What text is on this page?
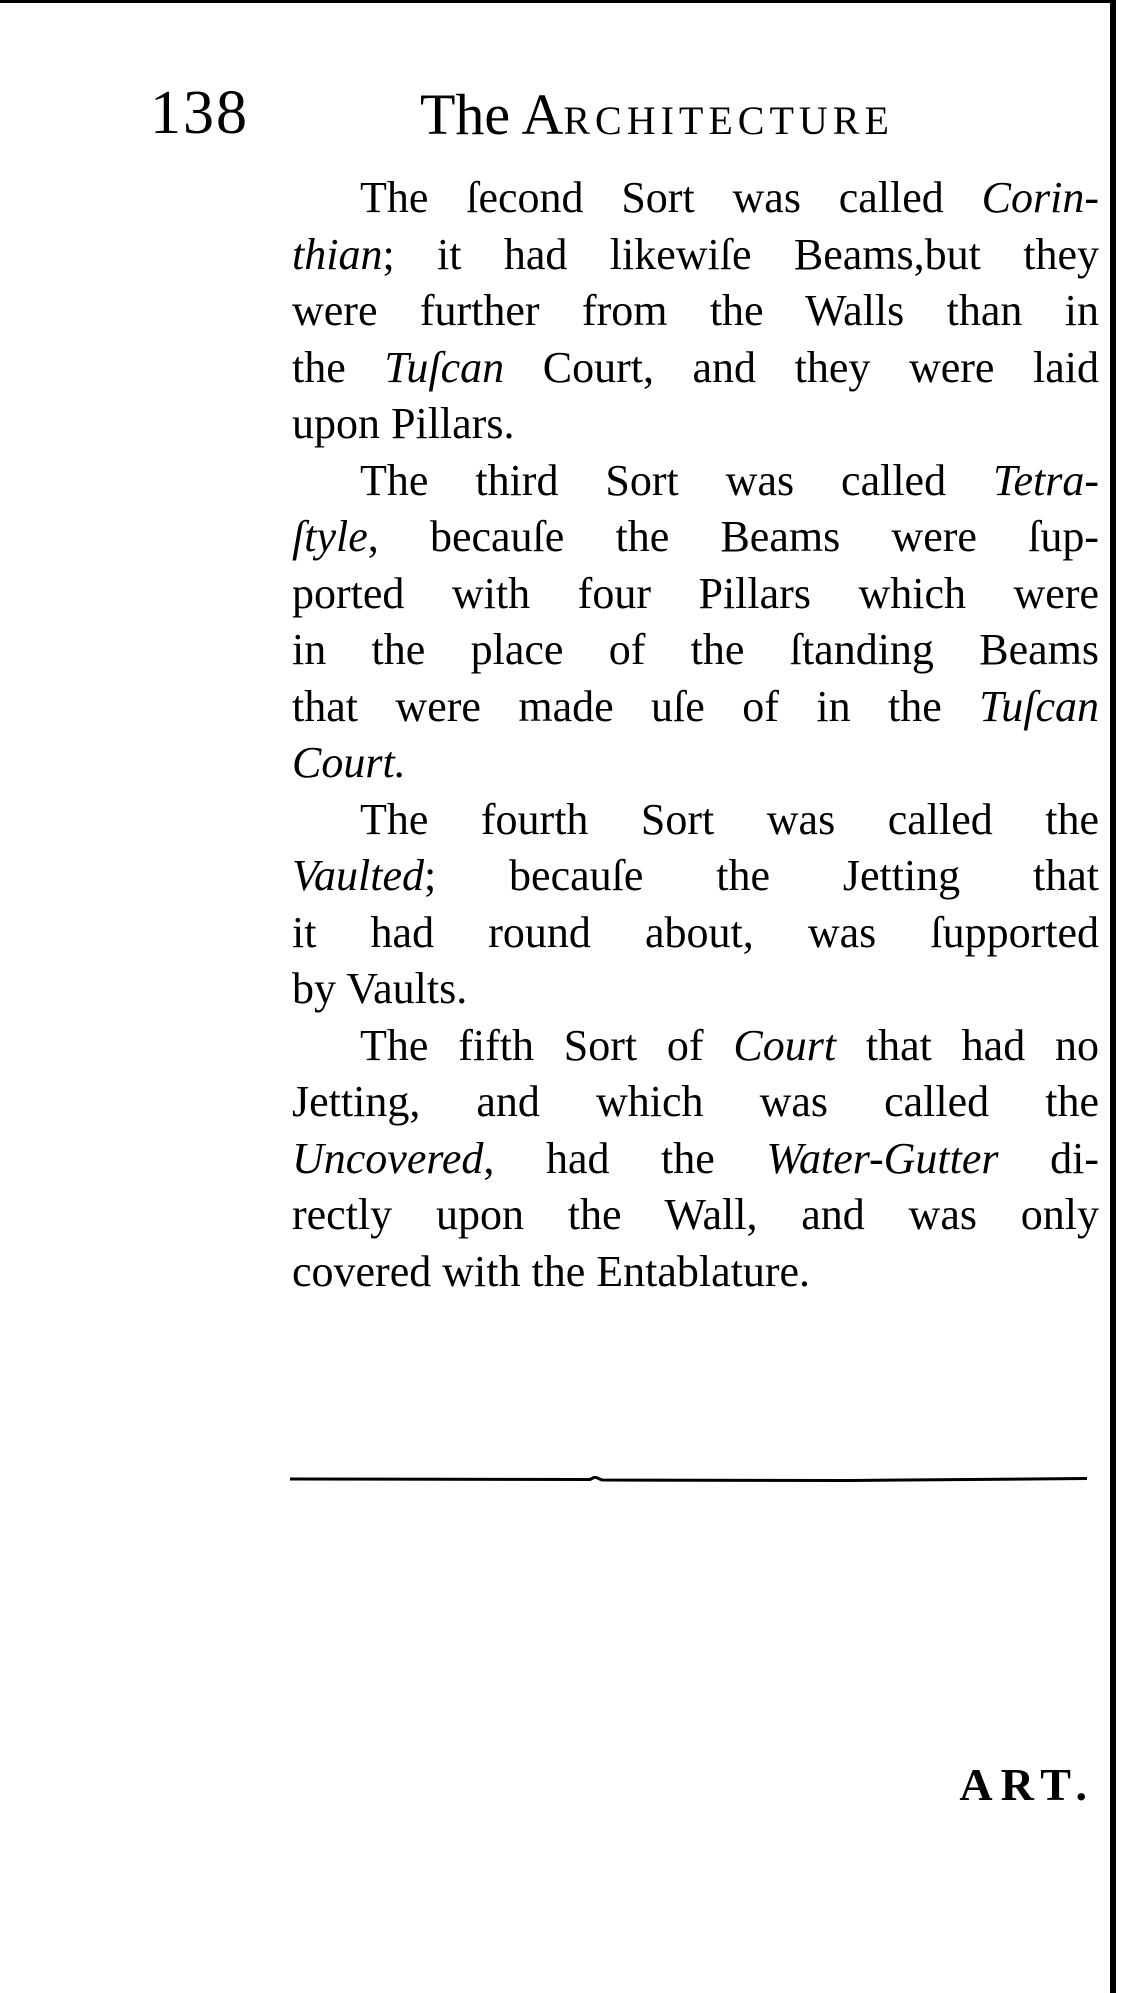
138	The ARCHITECTURE
The ſecond Sort was called Corin-
thian; it had likewiſe Beams,but they
were further from the Walls than in
the Tuſcan Court, and they were laid
upon Pillars.
The third Sort was called Tetra-
ſtyle, becauſe the Beams were ſup-
ported with four Pillars which were
in the place of the ſtanding Beams
that were made uſe of in the Tuſcan
Court.
The fourth Sort was called the
Vaulted; becauſe the Jetting that
it had round about, was ſupported
by Vaults.
The fifth Sort of Court that had no
Jetting, and which was called the
Uncovered, had the Water-Gutter di-
rectly upon the Wall, and was only
covered with the Entablature.
ART.
